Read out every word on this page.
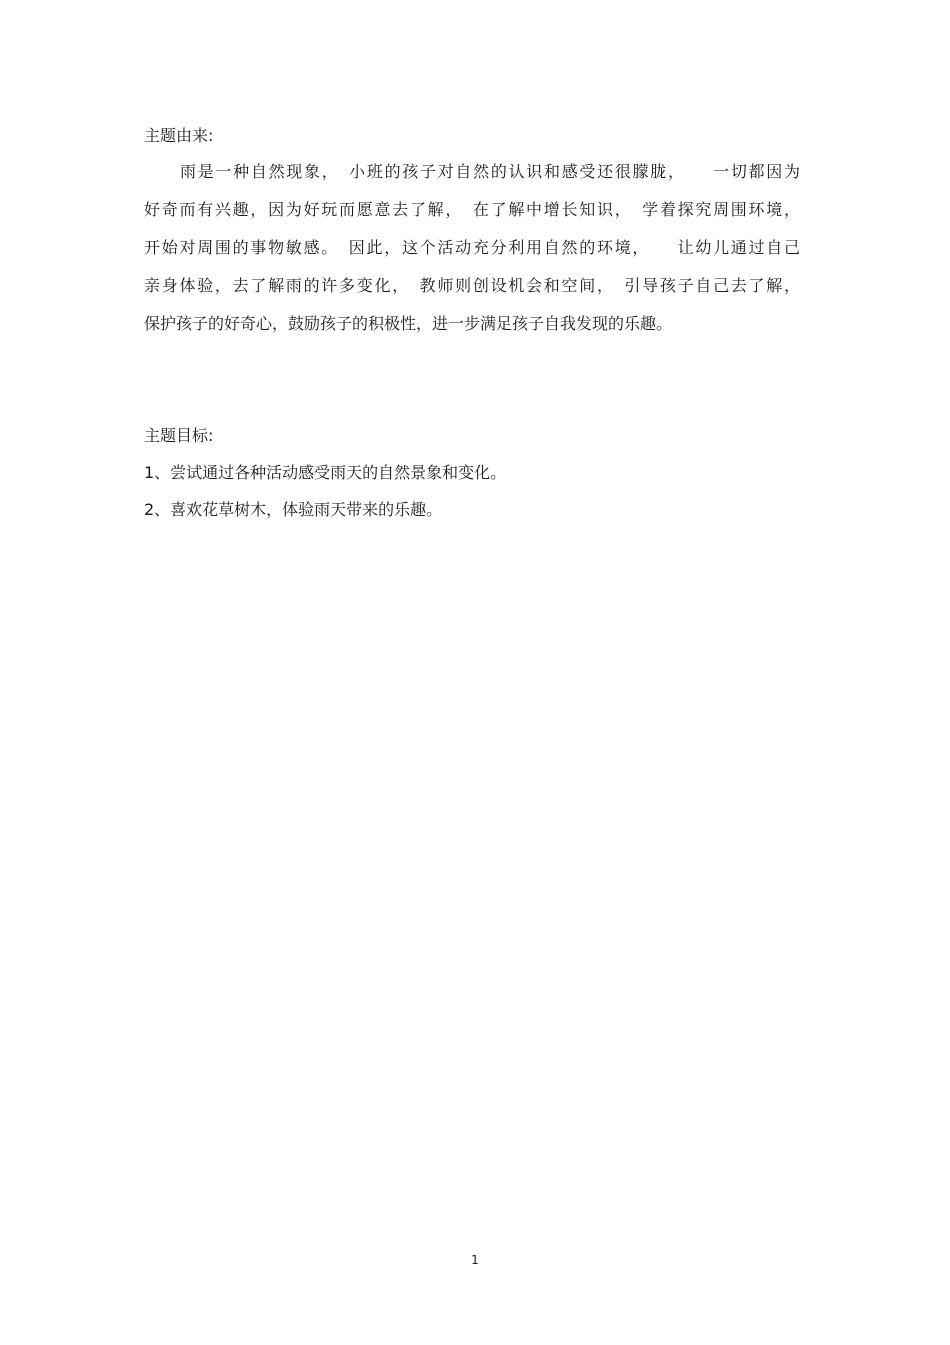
主题由来:
雨是一种自然现象，　小班的孩子对自然的认识和感受还很朦胧，　　一切都因为
好奇而有兴趣，因为好玩而愿意去了解，　在了解中增长知识，　学着探究周围环境，
开始对周围的事物敏感。　因此，这个活动充分利用自然的环境，　　让幼儿通过自己
亲身体验，去了解雨的许多变化，　教师则创设机会和空间，　引导孩子自己去了解，
保护孩子的好奇心，鼓励孩子的积极性，进一步满足孩子自我发现的乐趣。
主题目标:
1、尝试通过各种活动感受雨天的自然景象和变化。
2、喜欢花草树木，体验雨天带来的乐趣。
1
